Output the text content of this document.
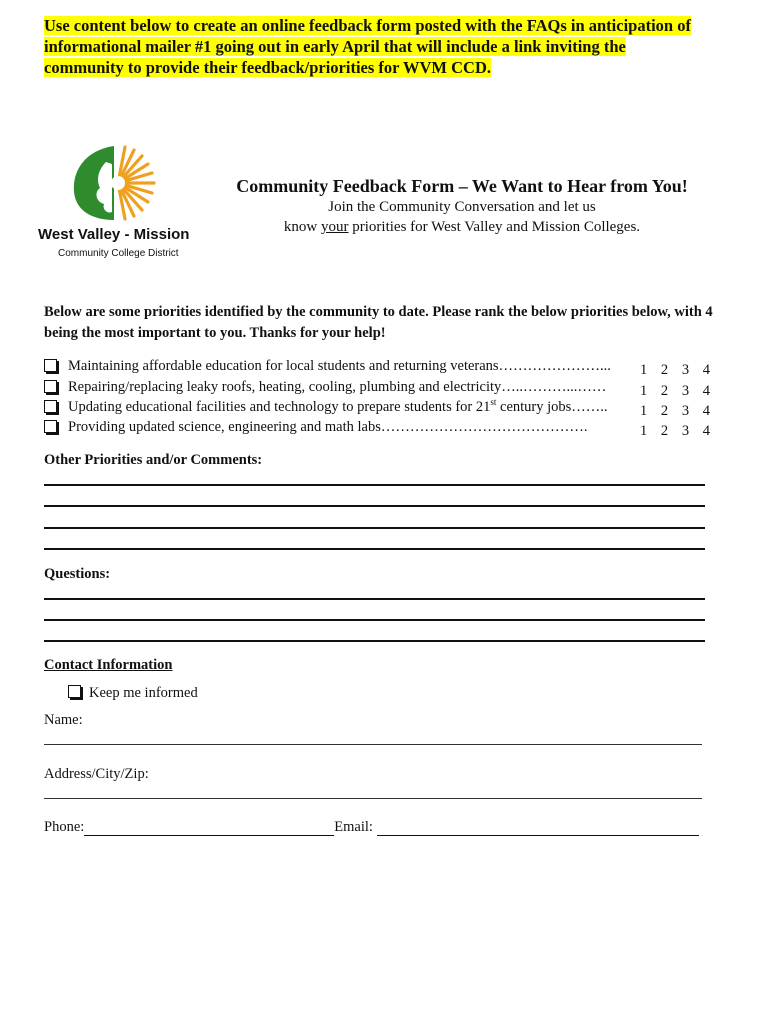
Use content below to create an online feedback form posted with the FAQs in anticipation of informational mailer #1 going out in early April that will include a link inviting the community to provide their feedback/priorities for WVM CCD.
West Valley - Mission
Community College District
Community Feedback Form – We Want to Hear from You!
Join the Community Conversation and let us
know your priorities for West Valley and Mission Colleges.
Below are some priorities identified by the community to date. Please rank the below priorities below, with 4 being the most important to you. Thanks for your help!
Maintaining affordable education for local students and returning veterans…………………...	1 2 3 4
Repairing/replacing leaky roofs, heating, cooling, plumbing and electricity…..………...……	1 2 3 4
Updating educational facilities and technology to prepare students for 21st century jobs……..	1 2 3 4
Providing updated science, engineering and math labs…………………………………….	1 2 3 4
Other Priorities and/or Comments:
Questions:
Contact Information
Keep me informed
Name:
Address/City/Zip:
Phone:	Email:
